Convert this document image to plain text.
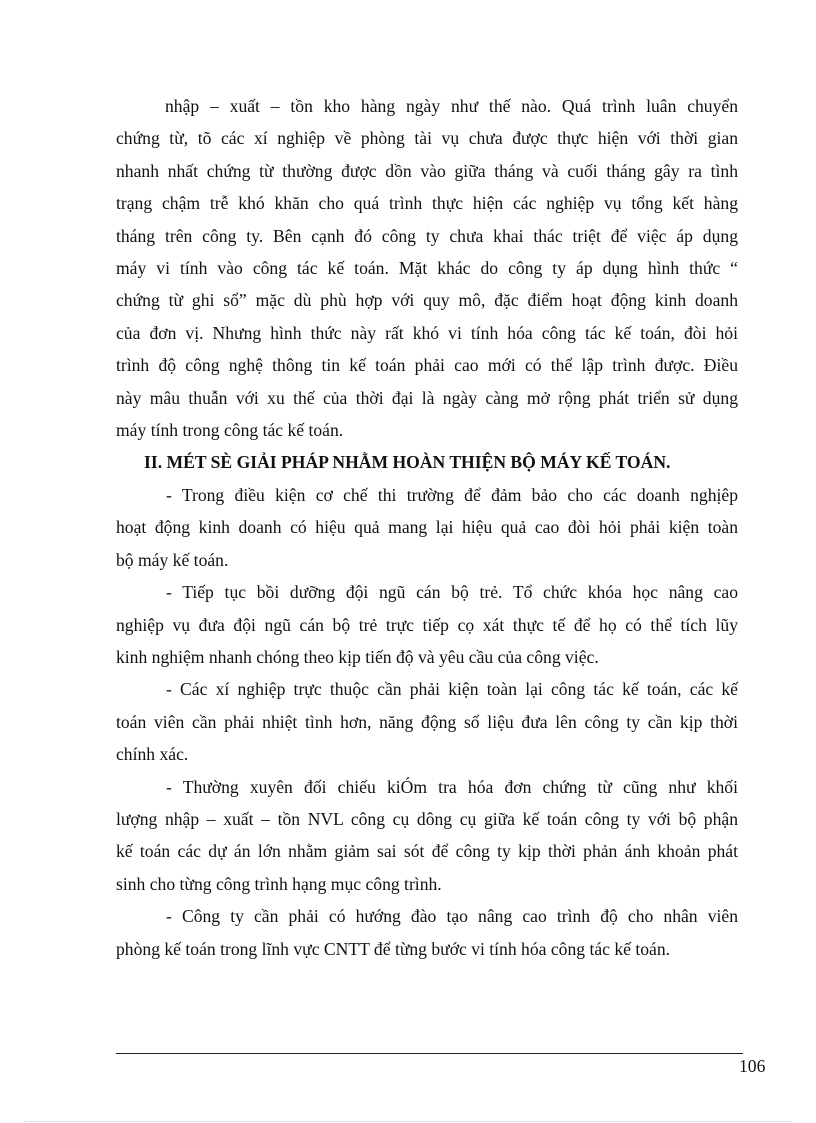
nhập – xuất – tồn kho hàng ngày như thế nào. Quá trình luân chuyển
chứng từ, tõ các xí nghiệp về phòng tài vụ chưa được thực hiện với thời gian
nhanh nhất chứng từ thường được dồn vào giữa tháng và cuối tháng gây ra tình
trạng chậm trễ khó khăn cho quá trình thực hiện các nghiệp vụ tổng kết hàng
tháng trên công ty. Bên cạnh đó công ty chưa khai thác triệt để việc áp dụng
máy vi tính vào công tác kế toán. Mặt khác do công ty áp dụng hình thức “
chứng từ ghi sổ” mặc dù phù hợp với quy mô, đặc điểm hoạt động kinh doanh
của đơn vị. Nhưng hình thức này rất khó vi tính hóa công tác kế toán, đòi hỏi
trình độ công nghệ thông tin kế toán phải cao mới có thể lập trình được. Điều
này mâu thuẫn với xu thế của thời đại là ngày càng mở rộng phát triển sử dụng
máy tính trong công tác kế toán.
II. MÉT SÈ GIẢI PHÁP NHẰM HOÀN THIỆN BỘ MÁY KẾ TOÁN.
- Trong điều kiện cơ chế thi trường để đảm bảo cho các doanh nghịêp
hoạt động kinh doanh có hiệu quả mang lại hiệu quả cao đòi hỏi phải kiện toàn
bộ máy kế toán.
- Tiếp tục bồi dưỡng đội ngũ cán bộ trẻ. Tổ chức khóa học nâng cao
nghiệp vụ đưa đội ngũ cán bộ trẻ trực tiếp cọ xát thực tế để họ có thể tích lũy
kinh nghiệm nhanh chóng theo kịp tiến độ và yêu cầu của công việc.
- Các xí nghiệp trực thuộc cần phải kiện toàn lại công tác kế toán, các kế
toán viên cần phải nhiệt tình hơn, năng động số liệu đưa lên công ty cần kịp thời
chính xác.
- Thường xuyên đối chiếu kiÓm tra hóa đơn chứng từ cũng như khối
lượng nhập – xuất – tồn NVL công cụ dông cụ giữa kế toán công ty với bộ phận
kế toán các dự án lớn nhằm giảm sai sót để công ty kịp thời phản ánh khoản phát
sinh cho từng công trình hạng mục công trình.
- Công ty cần phải có hướng đào tạo nâng cao trình độ cho nhân viên
phòng kế toán trong lĩnh vực CNTT để từng bước vi tính hóa công tác kế toán.
106
